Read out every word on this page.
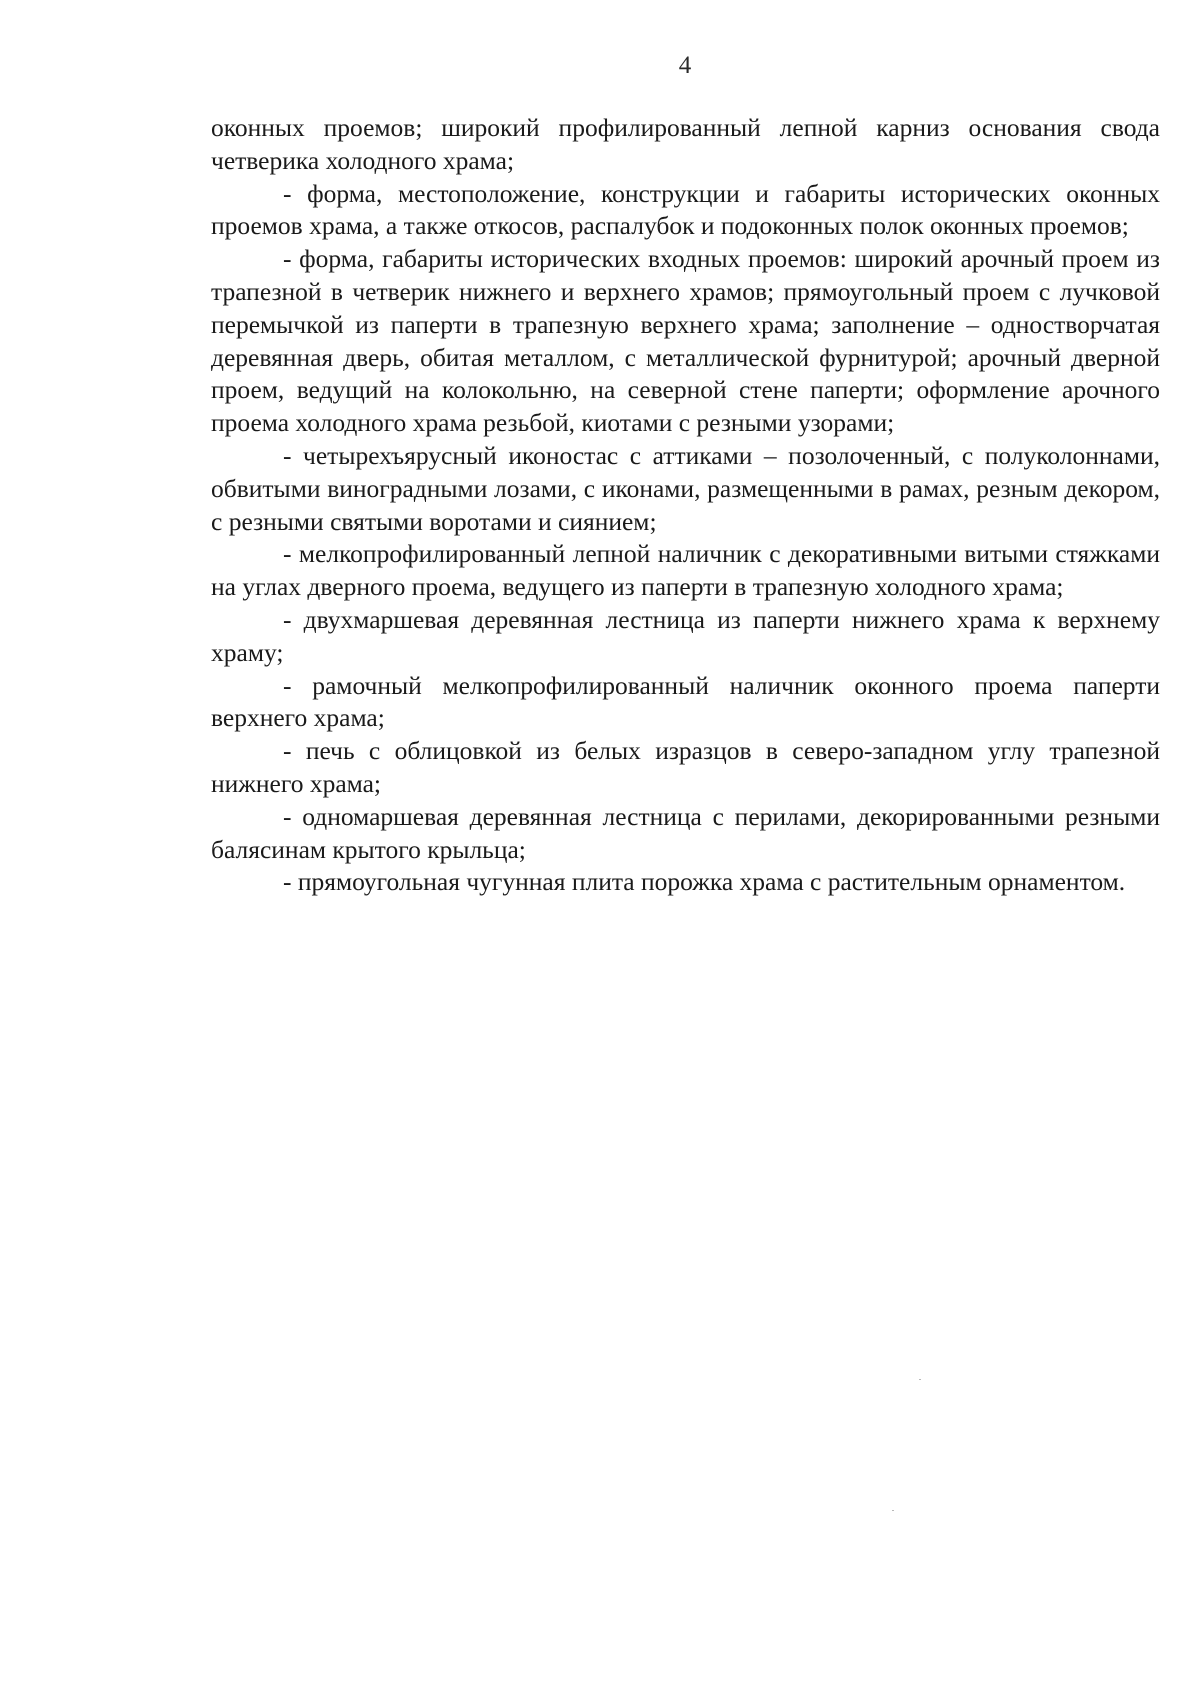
4

оконных проемов; широкий профилированный лепной карниз основания свода четверика холодного храма;

- форма, местоположение, конструкции и габариты исторических оконных проемов храма, а также откосов, распалубок и подоконных полок оконных проемов;

- форма, габариты исторических входных проемов: широкий арочный проем из трапезной в четверик нижнего и верхнего храмов; прямоугольный проем с лучковой перемычкой из паперти в трапезную верхнего храма; заполнение – одностворчатая деревянная дверь, обитая металлом, с металлической фурнитурой; арочный дверной проем, ведущий на колокольню, на северной стене паперти; оформление арочного проема холодного храма резьбой, киотами с резными узорами;

- четырехъярусный иконостас с аттиками – позолоченный, с полуколоннами, обвитыми виноградными лозами, с иконами, размещенными в рамах, резным декором, с резными святыми воротами и сиянием;

- мелкопрофилированный лепной наличник с декоративными витыми стяжками на углах дверного проема, ведущего из паперти в трапезную холодного храма;

- двухмаршевая деревянная лестница из паперти нижнего храма к верхнему храму;

- рамочный мелкопрофилированный наличник оконного проема паперти верхнего храма;

- печь с облицовкой из белых изразцов в северо-западном углу трапезной нижнего храма;

- одномаршевая деревянная лестница с перилами, декорированными резными балясинам крытого крыльца;

- прямоугольная чугунная плита порожка храма с растительным орнаментом.
